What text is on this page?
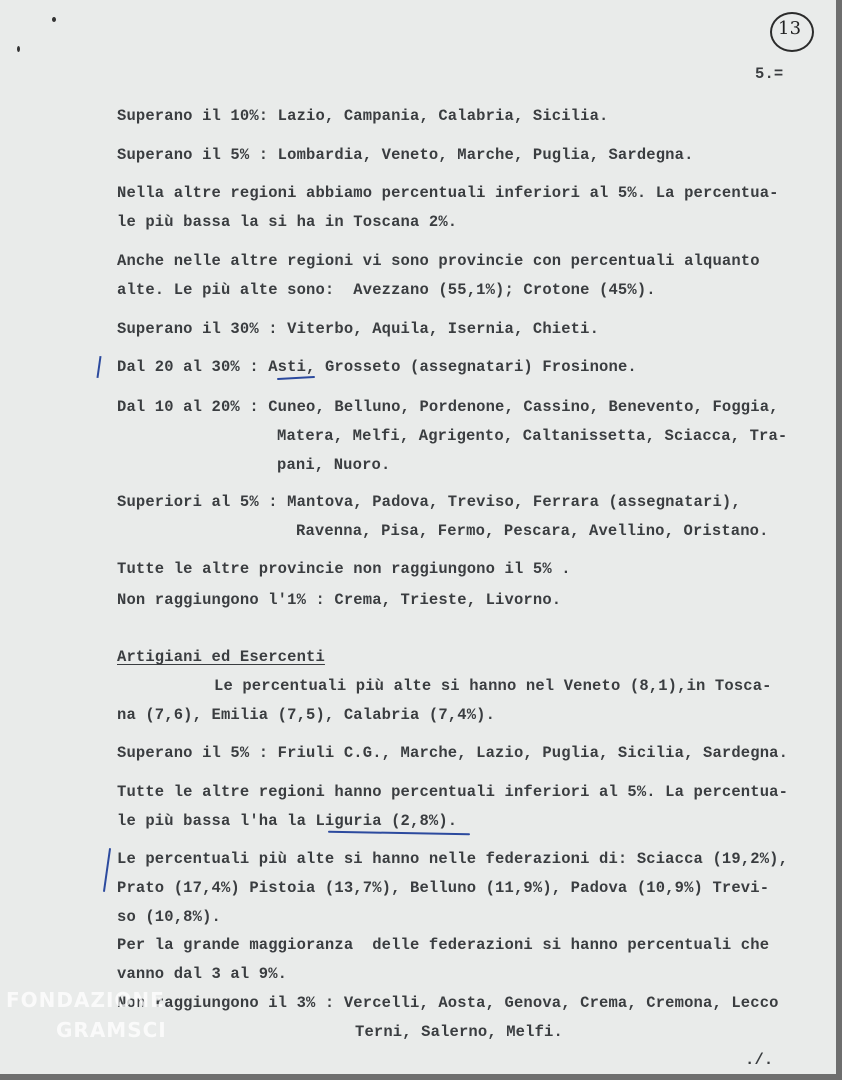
13
5.=
Superano il 10%: Lazio, Campania, Calabria, Sicilia.
Superano il 5% : Lombardia, Veneto, Marche, Puglia, Sardegna.
Nella altre regioni abbiamo percentuali inferiori al 5%. La percentua-
le più bassa la si ha in Toscana 2%.
Anche nelle altre regioni vi sono provincie con percentuali alquanto
alte. Le più alte sono:  Avezzano (55,1%); Crotone (45%).
Superano il 30% : Viterbo, Aquila, Isernia, Chieti.
Dal 20 al 30% : Asti, Grosseto (assegnatari) Frosinone.
Dal 10 al 20% : Cuneo, Belluno, Pordenone, Cassino, Benevento, Foggia,
Matera, Melfi, Agrigento, Caltanissetta, Sciacca, Tra-
pani, Nuoro.
Superiori al 5% : Mantova, Padova, Treviso, Ferrara (assegnatari),
Ravenna, Pisa, Fermo, Pescara, Avellino, Oristano.
Tutte le altre provincie non raggiungono il 5% .
Non raggiungono l'1% : Crema, Trieste, Livorno.
Artigiani ed Esercenti
Le percentuali più alte si hanno nel Veneto (8,1),in Tosca-
na (7,6), Emilia (7,5), Calabria (7,4%).
Superano il 5% : Friuli C.G., Marche, Lazio, Puglia, Sicilia, Sardegna.
Tutte le altre regioni hanno percentuali inferiori al 5%. La percentua-
le più bassa l'ha la Liguria (2,8%).
Le percentuali più alte si hanno nelle federazioni di: Sciacca (19,2%),
Prato (17,4%) Pistoia (13,7%), Belluno (11,9%), Padova (10,9%) Trevi-
so (10,8%).
Per la grande maggioranza  delle federazioni si hanno percentuali che
vanno dal 3 al 9%.
Non raggiungono il 3% : Vercelli, Aosta, Genova, Crema, Cremona, Lecco
Terni, Salerno, Melfi.
./.
FONDAZIONE
GRAMSCI
